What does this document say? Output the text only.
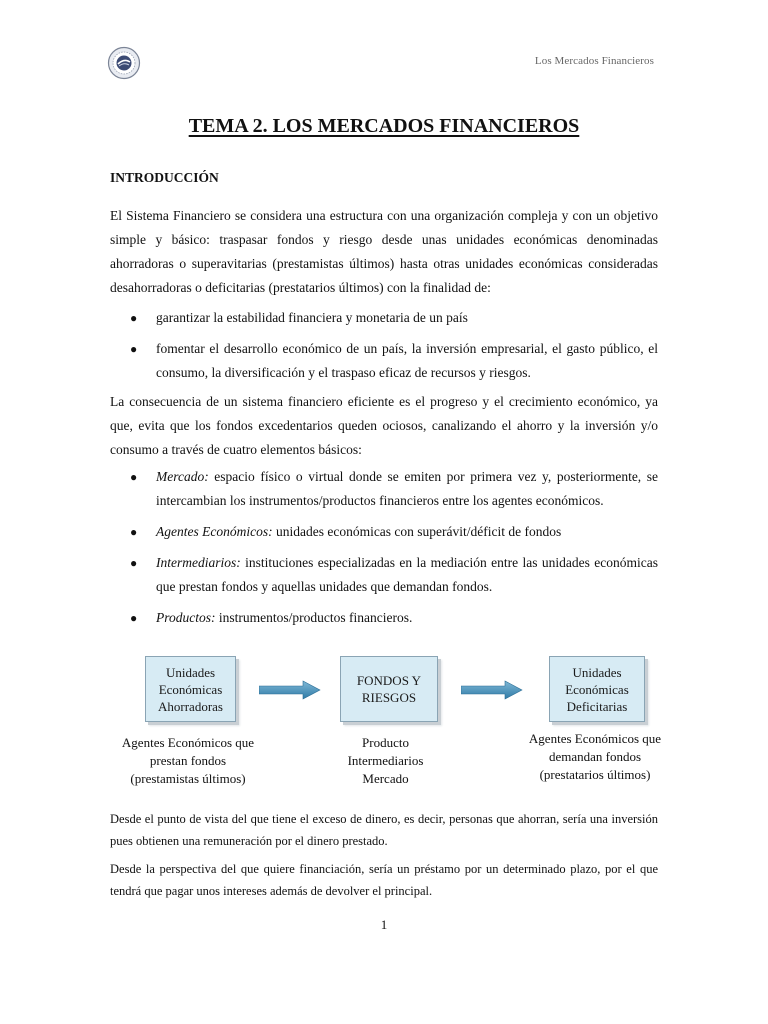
Los Mercados Financieros
TEMA 2. LOS MERCADOS FINANCIEROS
INTRODUCCIÓN
El Sistema Financiero se considera una estructura con una organización compleja y con un objetivo simple y básico: traspasar fondos y riesgo desde unas unidades económicas denominadas ahorradoras o superavitarias (prestamistas últimos) hasta otras unidades económicas consideradas desahorradoras o deficitarias (prestatarios últimos) con la finalidad de:
● garantizar la estabilidad financiera y monetaria de un país
● fomentar el desarrollo económico de un país, la inversión empresarial, el gasto público, el consumo, la diversificación y el traspaso eficaz de recursos y riesgos.
La consecuencia de un sistema financiero eficiente es el progreso y el crecimiento económico, ya que, evita que los fondos excedentarios queden ociosos, canalizando el ahorro y la inversión y/o consumo a través de cuatro elementos básicos:
● Mercado: espacio físico o virtual donde se emiten por primera vez y, posteriormente, se intercambian los instrumentos/productos financieros entre los agentes económicos.
● Agentes Económicos: unidades económicas con superávit/déficit de fondos
● Intermediarios: instituciones especializadas en la mediación entre las unidades económicas que prestan fondos y aquellas unidades que demandan fondos.
● Productos: instrumentos/productos financieros.
Unidades
Económicas
Ahorradoras
FONDOS Y
RIESGOS
Unidades
Económicas
Deficitarias
Agentes Económicos que
prestan fondos
(prestamistas últimos)
Producto
Intermediarios
Mercado
Agentes Económicos que
demandan fondos
(prestatarios últimos)
Desde el punto de vista del que tiene el exceso de dinero, es decir, personas que ahorran, sería una inversión pues obtienen una remuneración por el dinero prestado.
Desde la perspectiva del que quiere financiación, sería un préstamo por un determinado plazo, por el que tendrá que pagar unos intereses además de devolver el principal.
1
